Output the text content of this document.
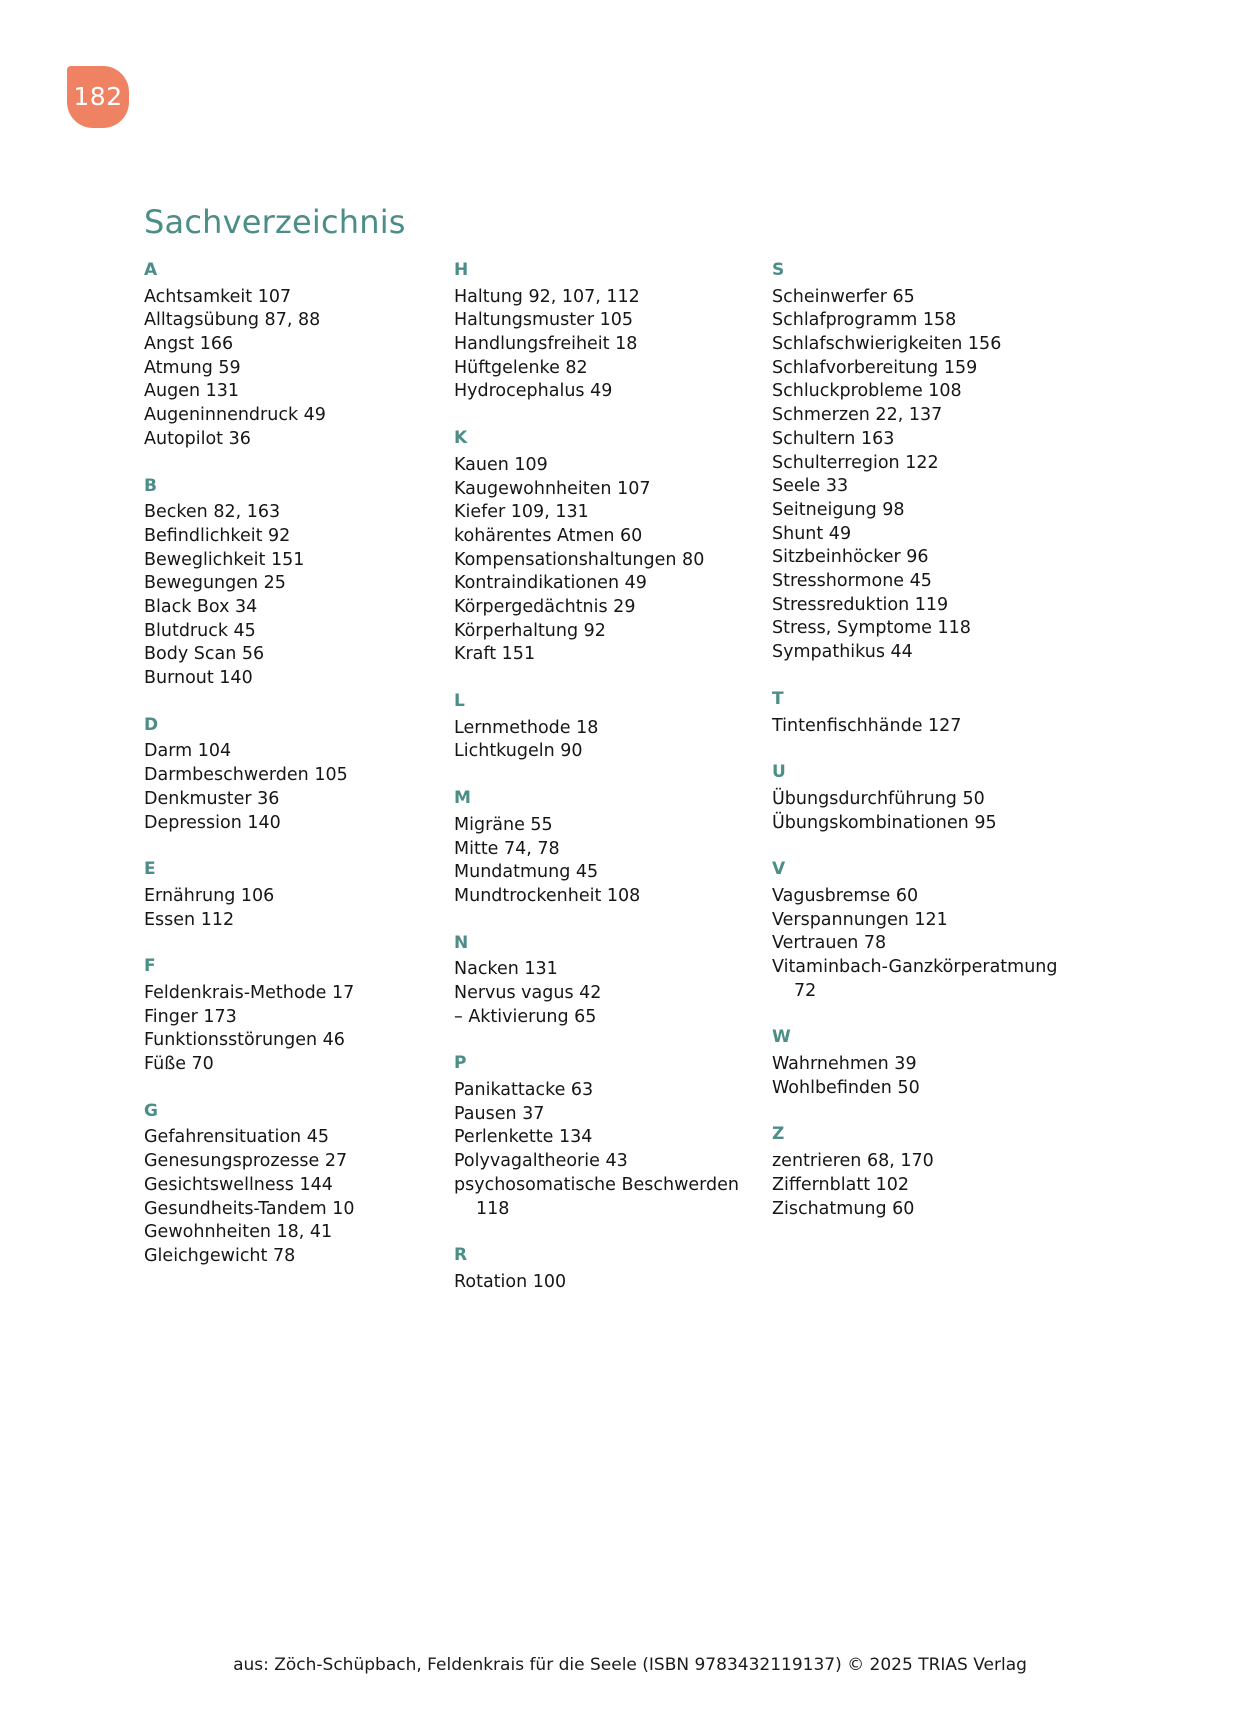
182
Sachverzeichnis
A
Achtsamkeit 107
Alltagsübung 87, 88
Angst 166
Atmung 59
Augen 131
Augeninnendruck 49
Autopilot 36
B
Becken 82, 163
Befindlichkeit 92
Beweglichkeit 151
Bewegungen 25
Black Box 34
Blutdruck 45
Body Scan 56
Burnout 140
D
Darm 104
Darmbeschwerden 105
Denkmuster 36
Depression 140
E
Ernährung 106
Essen 112
F
Feldenkrais-Methode 17
Finger 173
Funktionsstörungen 46
Füße 70
G
Gefahrensituation 45
Genesungsprozesse 27
Gesichtswellness 144
Gesundheits-Tandem 10
Gewohnheiten 18, 41
Gleichgewicht 78
H
Haltung 92, 107, 112
Haltungsmuster 105
Handlungsfreiheit 18
Hüftgelenke 82
Hydrocephalus 49
K
Kauen 109
Kaugewohnheiten 107
Kiefer 109, 131
kohärentes Atmen 60
Kompensationshaltungen 80
Kontraindikationen 49
Körpergedächtnis 29
Körperhaltung 92
Kraft 151
L
Lernmethode 18
Lichtkugeln 90
M
Migräne 55
Mitte 74, 78
Mundatmung 45
Mundtrockenheit 108
N
Nacken 131
Nervus vagus 42
– Aktivierung 65
P
Panikattacke 63
Pausen 37
Perlenkette 134
Polyvagaltheorie 43
psychosomatische Beschwerden
118
R
Rotation 100
S
Scheinwerfer 65
Schlafprogramm 158
Schlafschwierigkeiten 156
Schlafvorbereitung 159
Schluckprobleme 108
Schmerzen 22, 137
Schultern 163
Schulterregion 122
Seele 33
Seitneigung 98
Shunt 49
Sitzbeinhöcker 96
Stresshormone 45
Stressreduktion 119
Stress, Symptome 118
Sympathikus 44
T
Tintenfischhände 127
U
Übungsdurchführung 50
Übungskombinationen 95
V
Vagusbremse 60
Verspannungen 121
Vertrauen 78
Vitaminbach-Ganzkörperatmung
72
W
Wahrnehmen 39
Wohlbefinden 50
Z
zentrieren 68, 170
Ziffernblatt 102
Zischatmung 60
aus: Zöch-Schüpbach, Feldenkrais für die Seele (ISBN 9783432119137) © 2025 TRIAS Verlag
